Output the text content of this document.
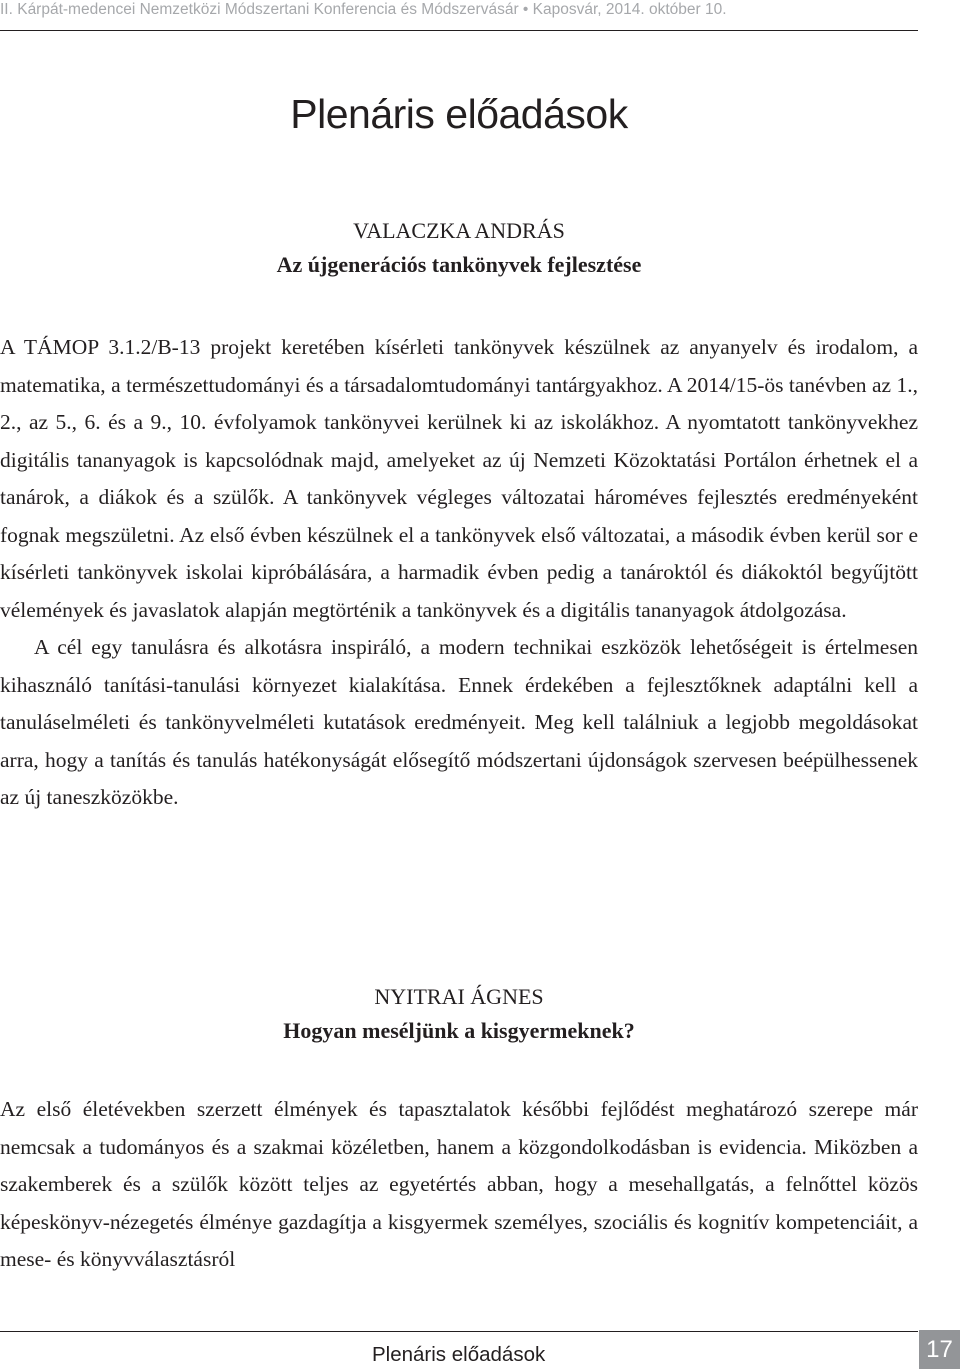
II. Kárpát-medencei Nemzetközi Módszertani Konferencia és Módszervásár • Kaposvár, 2014. október 10.
Plenáris előadások
VALACZKA ANDRÁS
Az újgenerációs tankönyvek fejlesztése

A TÁMOP 3.1.2/B-13 projekt keretében kísérleti tankönyvek készülnek az anyanyelv és irodalom, a matematika, a természettudományi és a társadalomtudományi tantárgyakhoz. A 2014/15-ös tanévben az 1., 2., az 5., 6. és a 9., 10. évfolyamok tankönyvei kerülnek ki az iskolákhoz. A nyomtatott tankönyvekhez digitális tananyagok is kapcsolódnak majd, amelyeket az új Nemzeti Közoktatási Portálon érhetnek el a tanárok, a diákok és a szülők. A tankönyvek végleges változatai hároméves fejlesztés eredményeként fognak megszületni. Az első évben készülnek el a tankönyvek első változatai, a második évben kerül sor e kísérleti tankönyvek iskolai kipróbálására, a harmadik évben pedig a tanároktól és diákoktól begyűjtött vélemények és javaslatok alapján megtörténik a tankönyvek és a digitális tananyagok átdolgozása.

A cél egy tanulásra és alkotásra inspiráló, a modern technikai eszközök lehetőségeit is értelmesen kihasználó tanítási-tanulási környezet kialakítása. Ennek érdekében a fejlesztőknek adaptálni kell a tanuláselméleti és tankönyvelméleti kutatások eredményeit. Meg kell találniuk a legjobb megoldásokat arra, hogy a tanítás és tanulás hatékonyságát elősegítő módszertani újdonságok szervesen beépülhessenek az új taneszközökbe.

NYITRAI ÁGNES
Hogyan meséljünk a kisgyermeknek?

Az első életévekben szerzett élmények és tapasztalatok későbbi fejlődést meghatározó szerepe már nemcsak a tudományos és a szakmai közéletben, hanem a közgondolkodásban is evidencia. Miközben a szakemberek és a szülők között teljes az egyetértés abban, hogy a mesehallgatás, a felnőttel közös képeskönyv-nézegetés élménye gazdagítja a kisgyermek személyes, szociális és kognitív kompetenciáit, a mese- és könyvválasztásról

Plenáris előadások	17
